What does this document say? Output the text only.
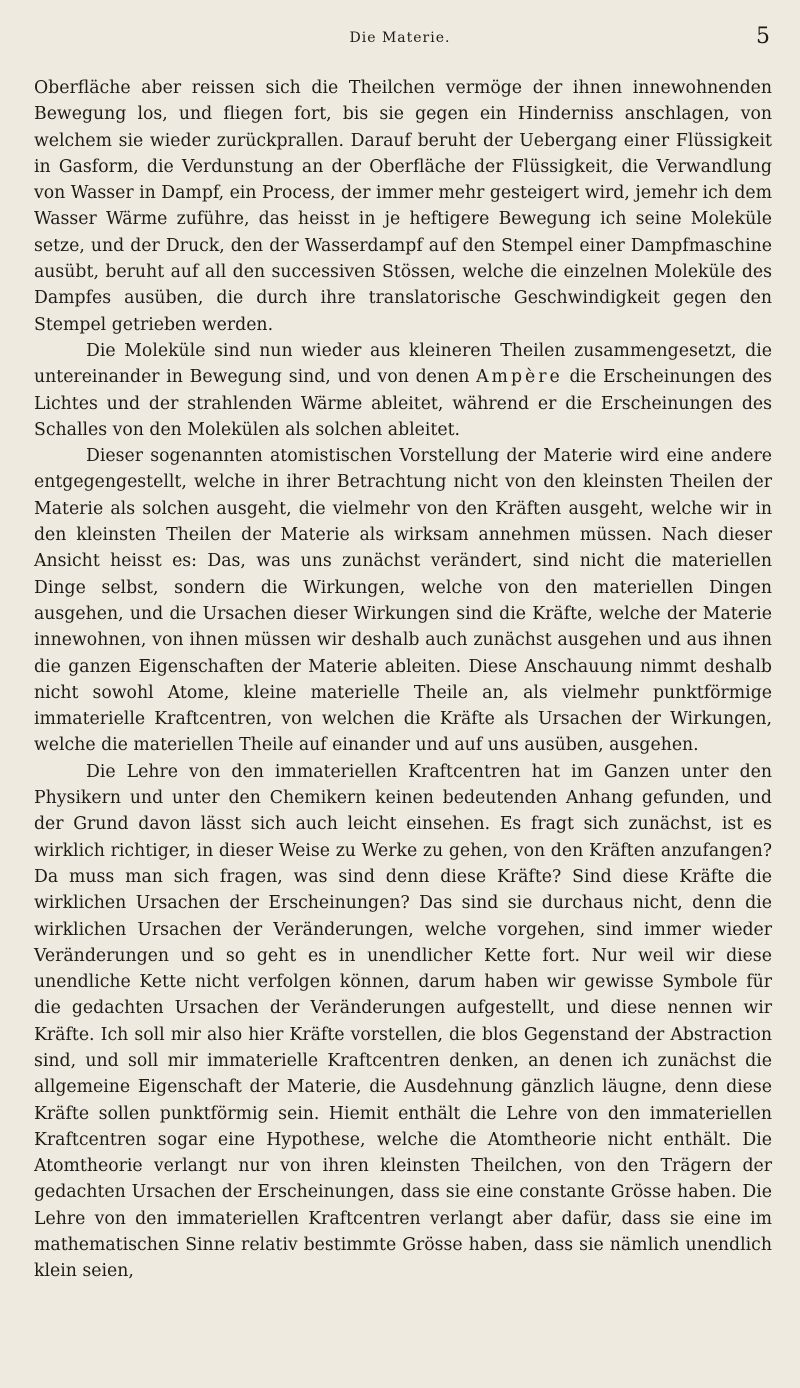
Die Materie.	5

Oberfläche aber reissen sich die Theilchen vermöge der ihnen innewohnenden Bewegung los, und fliegen fort, bis sie gegen ein Hinderniss anschlagen, von welchem sie wieder zurückprallen. Darauf beruht der Uebergang einer Flüssigkeit in Gasform, die Verdunstung an der Oberfläche der Flüssigkeit, die Verwandlung von Wasser in Dampf, ein Process, der immer mehr gesteigert wird, jemehr ich dem Wasser Wärme zuführe, das heisst in je heftigere Bewegung ich seine Moleküle setze, und der Druck, den der Wasserdampf auf den Stempel einer Dampfmaschine ausübt, beruht auf all den successiven Stössen, welche die einzelnen Moleküle des Dampfes ausüben, die durch ihre translatorische Geschwindigkeit gegen den Stempel getrieben werden.

Die Moleküle sind nun wieder aus kleineren Theilen zusammengesetzt, die untereinander in Bewegung sind, und von denen Ampère die Erscheinungen des Lichtes und der strahlenden Wärme ableitet, während er die Erscheinungen des Schalles von den Molekülen als solchen ableitet.

Dieser sogenannten atomistischen Vorstellung der Materie wird eine andere entgegengestellt, welche in ihrer Betrachtung nicht von den kleinsten Theilen der Materie als solchen ausgeht, die vielmehr von den Kräften ausgeht, welche wir in den kleinsten Theilen der Materie als wirksam annehmen müssen. Nach dieser Ansicht heisst es: Das, was uns zunächst verändert, sind nicht die materiellen Dinge selbst, sondern die Wirkungen, welche von den materiellen Dingen ausgehen, und die Ursachen dieser Wirkungen sind die Kräfte, welche der Materie innewohnen, von ihnen müssen wir deshalb auch zunächst ausgehen und aus ihnen die ganzen Eigenschaften der Materie ableiten. Diese Anschauung nimmt deshalb nicht sowohl Atome, kleine materielle Theile an, als vielmehr punktförmige immaterielle Kraftcentren, von welchen die Kräfte als Ursachen der Wirkungen, welche die materiellen Theile auf einander und auf uns ausüben, ausgehen.

Die Lehre von den immateriellen Kraftcentren hat im Ganzen unter den Physikern und unter den Chemikern keinen bedeutenden Anhang gefunden, und der Grund davon lässt sich auch leicht einsehen. Es fragt sich zunächst, ist es wirklich richtiger, in dieser Weise zu Werke zu gehen, von den Kräften anzufangen? Da muss man sich fragen, was sind denn diese Kräfte? Sind diese Kräfte die wirklichen Ursachen der Erscheinungen? Das sind sie durchaus nicht, denn die wirklichen Ursachen der Veränderungen, welche vorgehen, sind immer wieder Veränderungen und so geht es in unendlicher Kette fort. Nur weil wir diese unendliche Kette nicht verfolgen können, darum haben wir gewisse Symbole für die gedachten Ursachen der Veränderungen aufgestellt, und diese nennen wir Kräfte. Ich soll mir also hier Kräfte vorstellen, die blos Gegenstand der Abstraction sind, und soll mir immaterielle Kraftcentren denken, an denen ich zunächst die allgemeine Eigenschaft der Materie, die Ausdehnung gänzlich läugne, denn diese Kräfte sollen punktförmig sein. Hiemit enthält die Lehre von den immateriellen Kraftcentren sogar eine Hypothese, welche die Atomtheorie nicht enthält. Die Atomtheorie verlangt nur von ihren kleinsten Theilchen, von den Trägern der gedachten Ursachen der Erscheinungen, dass sie eine constante Grösse haben. Die Lehre von den immateriellen Kraftcentren verlangt aber dafür, dass sie eine im mathematischen Sinne relativ bestimmte Grösse haben, dass sie nämlich unendlich klein seien,
